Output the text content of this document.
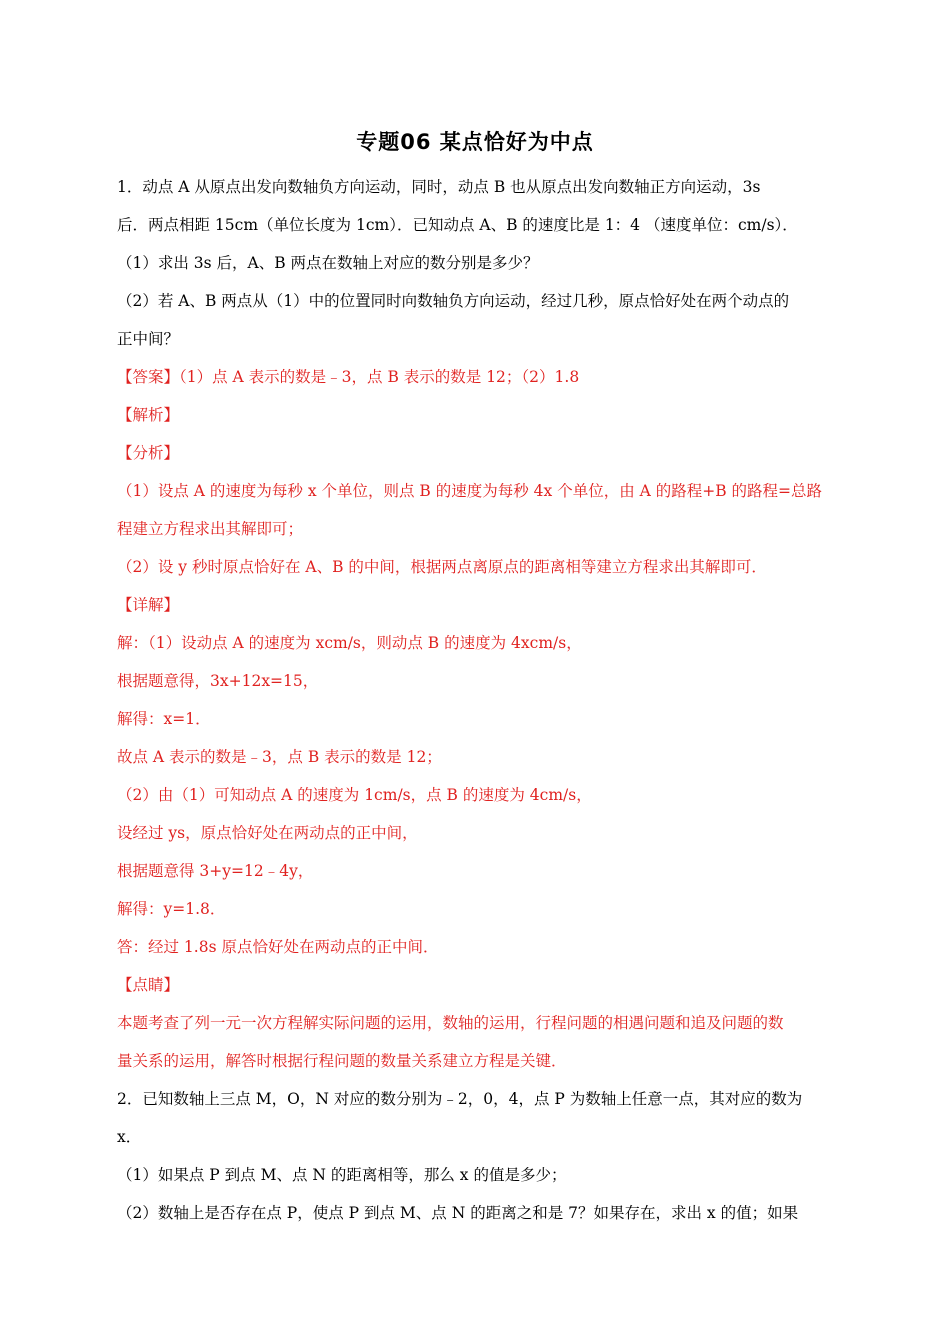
专题06 某点恰好为中点
1．动点 A 从原点出发向数轴负方向运动，同时，动点 B 也从原点出发向数轴正方向运动，3s
后．两点相距 15cm（单位长度为 1cm）．已知动点 A、B 的速度比是 1：4 （速度单位：cm/s）．
（1）求出 3s 后，A、B 两点在数轴上对应的数分别是多少？
（2）若 A、B 两点从（1）中的位置同时向数轴负方向运动，经过几秒，原点恰好处在两个动点的
正中间？
【答案】（1）点 A 表示的数是﹣3，点 B 表示的数是 12；（2）1.8
【解析】
【分析】
（1）设点 A 的速度为每秒 x 个单位，则点 B 的速度为每秒 4x 个单位，由 A 的路程+B 的路程=总路
程建立方程求出其解即可；
（2）设 y 秒时原点恰好在 A、B 的中间，根据两点离原点的距离相等建立方程求出其解即可．
【详解】
解：（1）设动点 A 的速度为 xcm/s，则动点 B 的速度为 4xcm/s，
根据题意得，3x+12x=15，
解得：x=1．
故点 A 表示的数是﹣3，点 B 表示的数是 12；
（2）由（1）可知动点 A 的速度为 1cm/s，点 B 的速度为 4cm/s，
设经过 ys，原点恰好处在两动点的正中间，
根据题意得 3+y=12﹣4y，
解得：y=1.8．
答：经过 1.8s 原点恰好处在两动点的正中间．
【点睛】
本题考查了列一元一次方程解实际问题的运用，数轴的运用，行程问题的相遇问题和追及问题的数
量关系的运用，解答时根据行程问题的数量关系建立方程是关键．
2．已知数轴上三点 M，O，N 对应的数分别为﹣2，0，4，点 P 为数轴上任意一点，其对应的数为
x．
（1）如果点 P 到点 M、点 N 的距离相等，那么 x 的值是多少；
（2）数轴上是否存在点 P，使点 P 到点 M、点 N 的距离之和是 7？如果存在，求出 x 的值；如果
